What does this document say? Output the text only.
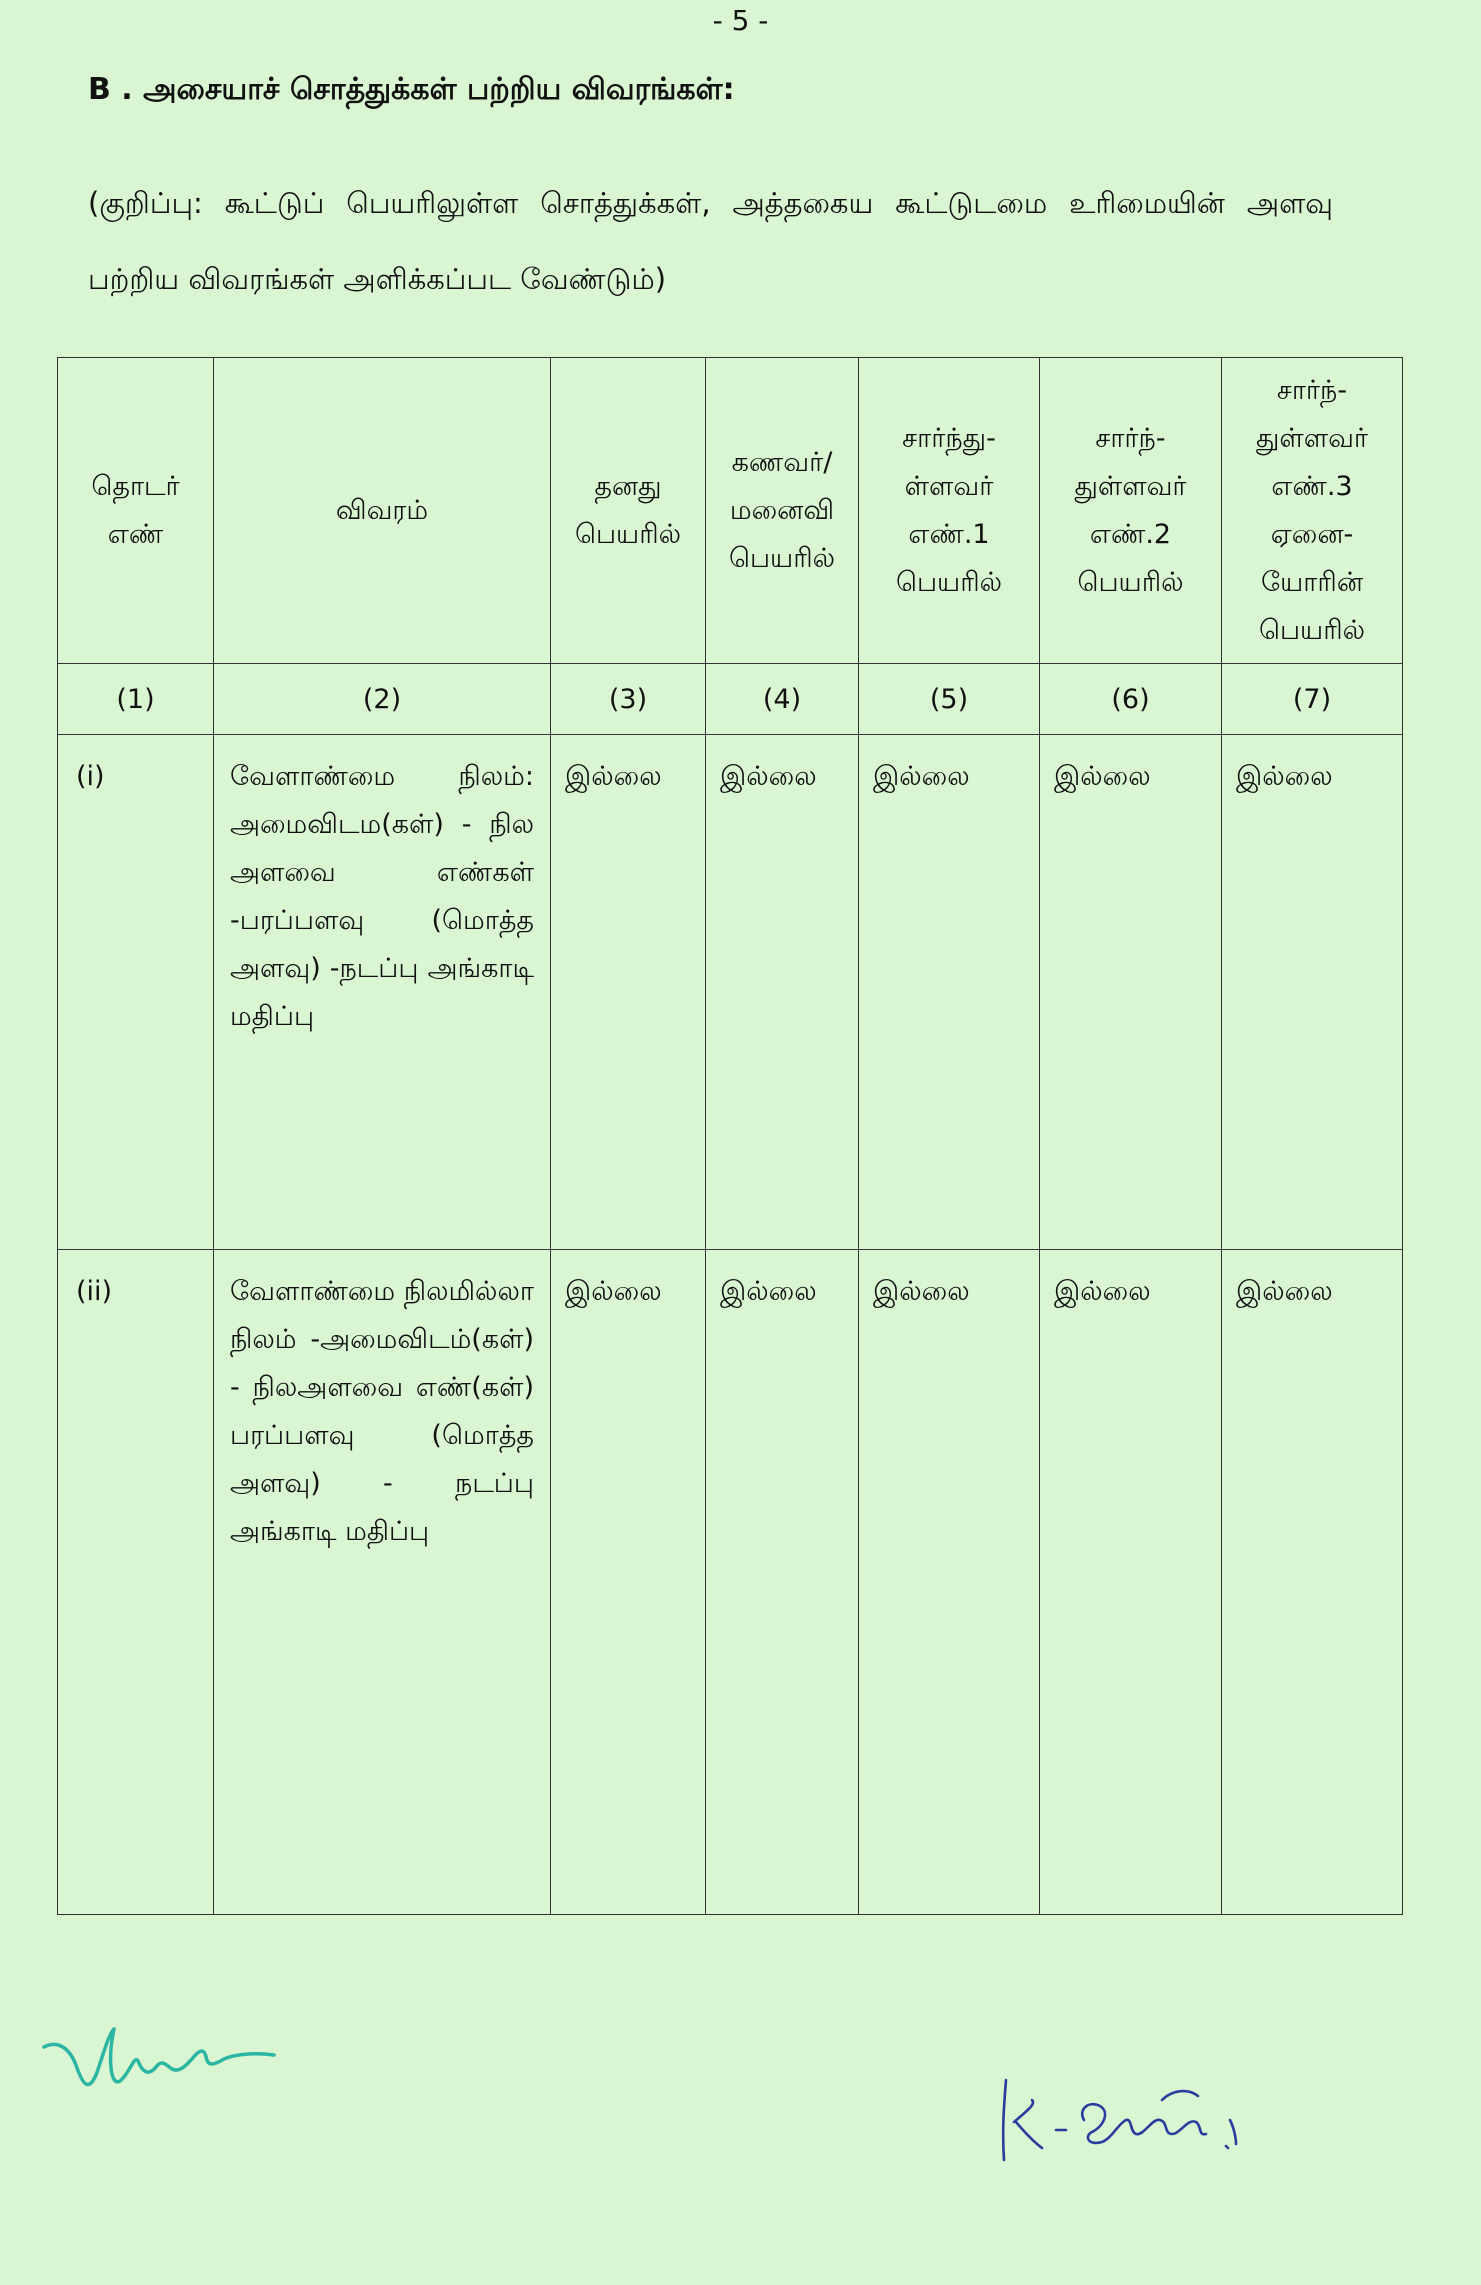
- 5 -
B . அசையாச் சொத்துக்கள் பற்றிய விவரங்கள்:
(குறிப்பு: கூட்டுப் பெயரிலுள்ள சொத்துக்கள், அத்தகைய கூட்டுடமை உரிமையின் அளவு பற்றிய விவரங்கள் அளிக்கப்பட வேண்டும்)
தொடர் எண்	விவரம்	தனது பெயரில்	கணவர்/ மனைவி பெயரில்	சார்ந்து- ள்ளவர் எண்.1 பெயரில்	சார்ந்- துள்ளவர் எண்.2 பெயரில்	சார்ந்- துள்ளவர் எண்.3 ஏனை- யோரின் பெயரில்
(1)	(2)	(3)	(4)	(5)	(6)	(7)
(i)	வேளாண்மை நிலம்: அமைவிடம(கள்) - நில அளவை எண்கள் -பரப்பளவு (மொத்த அளவு) -நடப்பு அங்காடி மதிப்பு	இல்லை	இல்லை	இல்லை	இல்லை	இல்லை
(ii)	வேளாண்மை நிலமில்லா நிலம் -அமைவிடம்(கள்) - நிலஅளவை எண்(கள்) பரப்பளவு (மொத்த அளவு) - நடப்பு அங்காடி மதிப்பு	இல்லை	இல்லை	இல்லை	இல்லை	இல்லை
